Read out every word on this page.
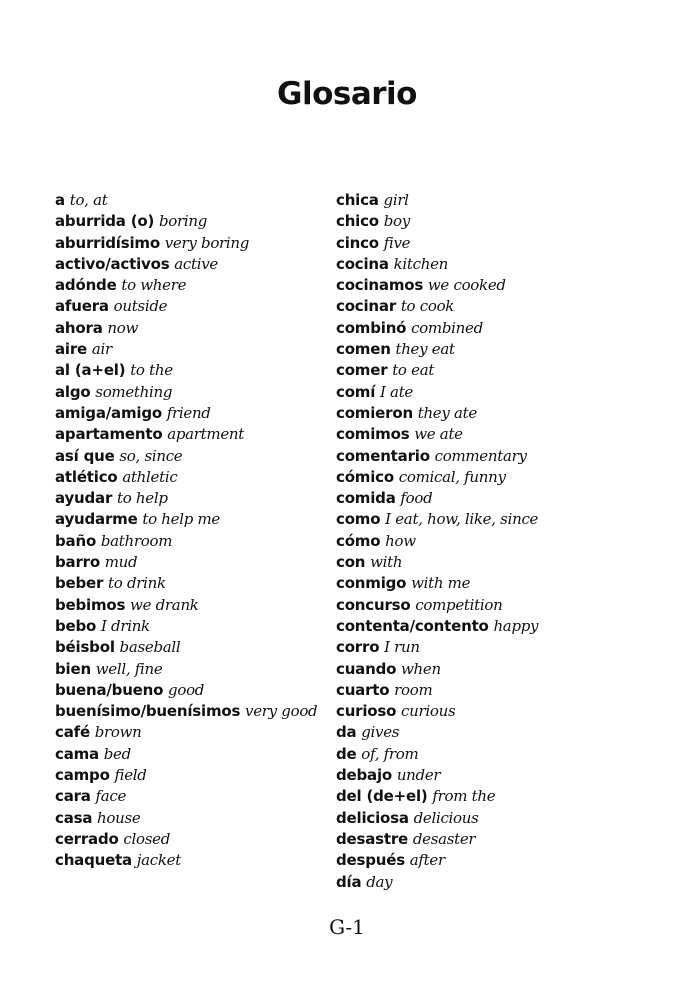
Glosario
a to, at
aburrida (o) boring
aburridísimo very boring
activo/activos active
adónde to where
afuera outside
ahora now
aire air
al (a+el) to the
algo something
amiga/amigo friend
apartamento apartment
así que so, since
atlético athletic
ayudar to help
ayudarme to help me
baño bathroom
barro mud
beber to drink
bebimos we drank
bebo I drink
béisbol baseball
bien well, fine
buena/bueno good
buenísimo/buenísimos very good
café brown
cama bed
campo field
cara face
casa house
cerrado closed
chaqueta jacket
chica girl
chico boy
cinco five
cocina kitchen
cocinamos we cooked
cocinar to cook
combinó combined
comen they eat
comer to eat
comí I ate
comieron they ate
comimos we ate
comentario commentary
cómico comical, funny
comida food
como I eat, how, like, since
cómo how
con with
conmigo with me
concurso competition
contenta/contento happy
corro I run
cuando when
cuarto room
curioso curious
da gives
de of, from
debajo under
del (de+el) from the
deliciosa delicious
desastre desaster
después after
día day
G-1
